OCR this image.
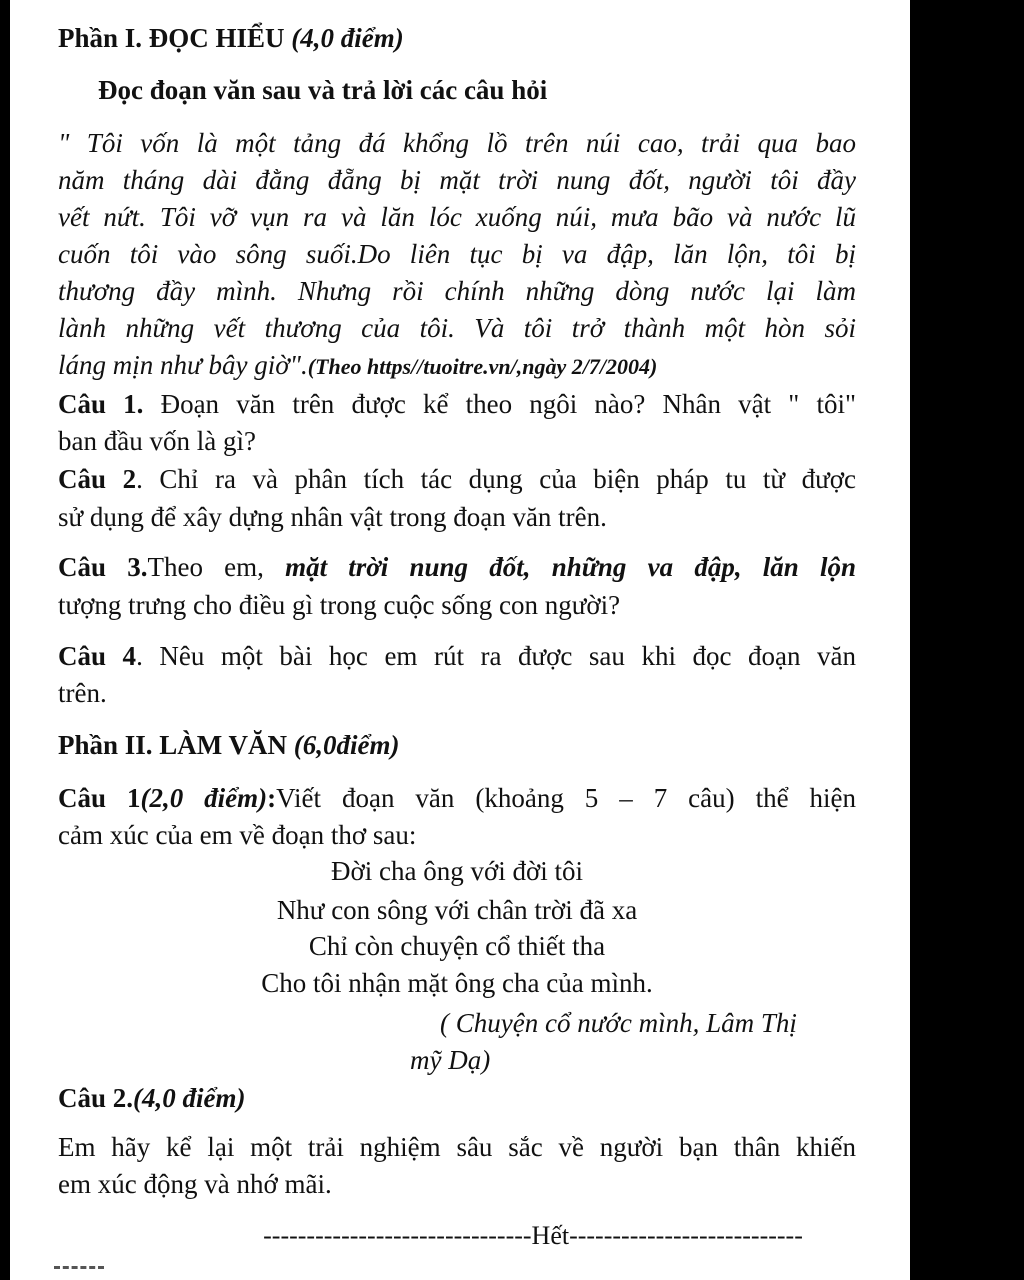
Phần I. ĐỌC HIỂU (4,0 điểm)
Đọc đoạn văn sau và trả lời các câu hỏi
" Tôi vốn là một tảng đá khổng lồ trên núi cao, trải qua bao
năm tháng dài đằng đẵng bị mặt trời nung đốt, người tôi đầy
vết nứt. Tôi vỡ vụn ra và lăn lóc xuống núi, mưa bão và nước lũ
cuốn tôi vào sông suối.Do liên tục bị va đập, lăn lộn, tôi bị
thương đầy mình. Nhưng rồi chính những dòng nước lại làm
lành những vết thương của tôi. Và tôi trở thành một hòn sỏi
láng mịn như bây giờ".(Theo https//tuoitre.vn/,ngày 2/7/2004)
Câu 1. Đoạn văn trên được kể theo ngôi nào? Nhân vật " tôi"
ban đầu vốn là gì?
Câu 2. Chỉ ra và phân tích tác dụng của biện pháp tu từ được
sử dụng để xây dựng nhân vật trong đoạn văn trên.
Câu 3.Theo em, mặt trời nung đốt, những va đập, lăn lộn
tượng trưng cho điều gì trong cuộc sống con người?
Câu 4. Nêu một bài học em rút ra được sau khi đọc đoạn văn
trên.
Phần II. LÀM VĂN (6,0điểm)
Câu 1(2,0 điểm):Viết đoạn văn (khoảng 5 – 7 câu) thể hiện
cảm xúc của em về đoạn thơ sau:
Đời cha ông với đời tôi
Như con sông với chân trời đã xa
Chỉ còn chuyện cổ thiết tha
Cho tôi nhận mặt ông cha của mình.
( Chuyện cổ nước mình, Lâm Thị
mỹ Dạ)
Câu 2.(4,0 điểm)
Em hãy kể lại một trải nghiệm sâu sắc về người bạn thân khiến
em xúc động và nhớ mãi.
-------------------------------Hết---------------------------
